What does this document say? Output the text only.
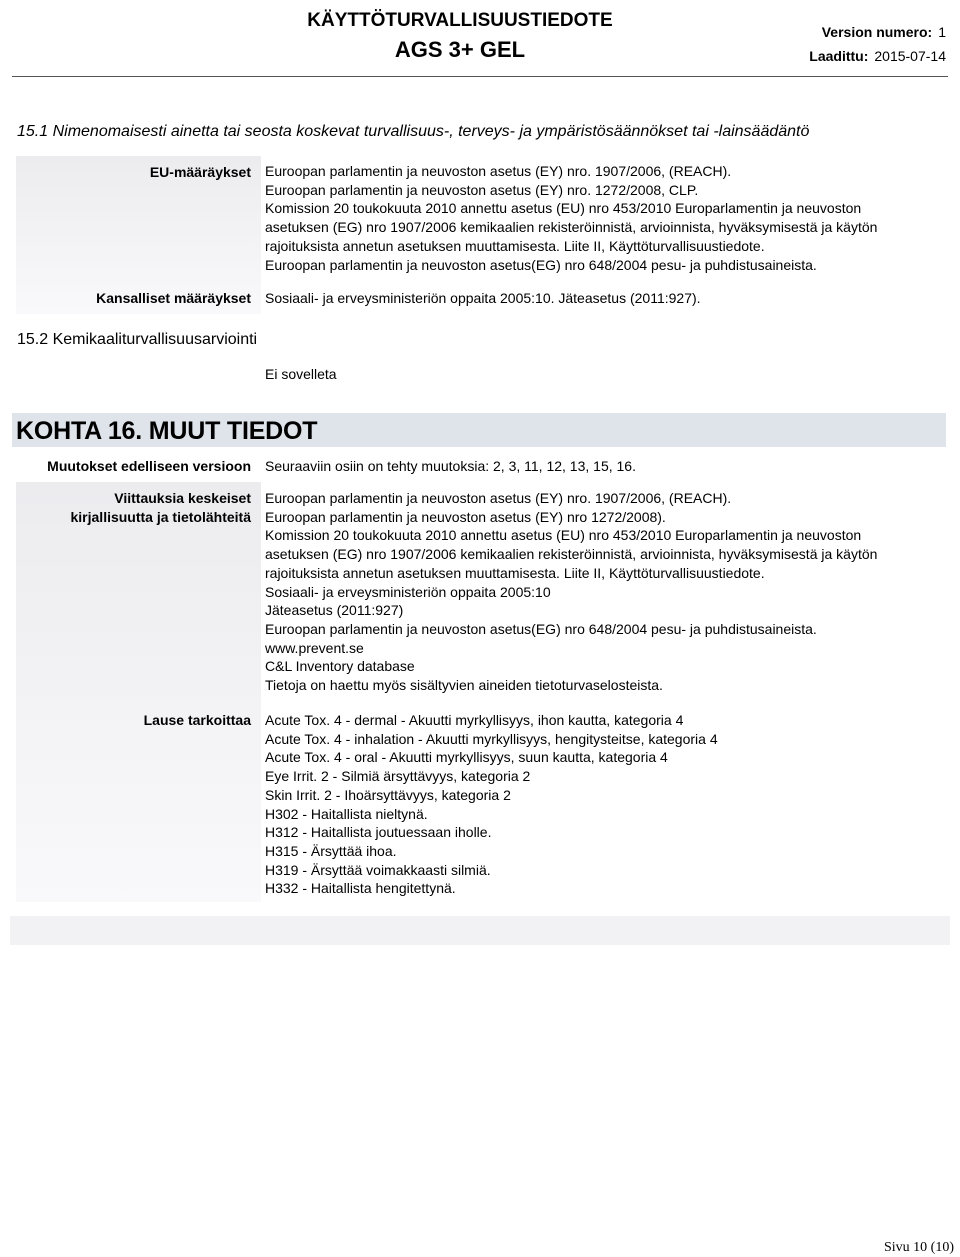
KÄYTTÖTURVALLISUUSTIEDOTE
AGS 3+ GEL
Version numero: 1
Laadittu: 2015-07-14
15.1 Nimenomaisesti ainetta tai seosta koskevat turvallisuus-, terveys- ja ympäristösäännökset tai -lainsäädäntö
EU-määräykset Euroopan parlamentin ja neuvoston asetus (EY) nro. 1907/2006, (REACH).
Euroopan parlamentin ja neuvoston asetus (EY) nro. 1272/2008, CLP.
Komission 20 toukokuuta 2010 annettu asetus (EU) nro 453/2010 Europarlamentin ja neuvoston
asetuksen (EG) nro 1907/2006 kemikaalien rekisteröinnistä, arvioinnista, hyväksymisestä ja käytön
rajoituksista annetun asetuksen muuttamisesta. Liite II, Käyttöturvallisuustiedote.
Euroopan parlamentin ja neuvoston asetus(EG) nro 648/2004 pesu- ja puhdistusaineista.
Kansalliset määräykset Sosiaali- ja erveysministeriön oppaita 2005:10. Jäteasetus (2011:927).
15.2 Kemikaaliturvallisuusarviointi
Ei sovelleta
KOHTA 16. MUUT TIEDOT
Muutokset edelliseen versioon Seuraaviin osiin on tehty muutoksia: 2, 3, 11, 12, 13, 15, 16.
Viittauksia keskeiset
kirjallisuutta ja tietolähteitä
Euroopan parlamentin ja neuvoston asetus (EY) nro. 1907/2006, (REACH).
Euroopan parlamentin ja neuvoston asetus (EY) nro 1272/2008).
Komission 20 toukokuuta 2010 annettu asetus (EU) nro 453/2010 Europarlamentin ja neuvoston
asetuksen (EG) nro 1907/2006 kemikaalien rekisteröinnistä, arvioinnista, hyväksymisestä ja käytön
rajoituksista annetun asetuksen muuttamisesta. Liite II, Käyttöturvallisuustiedote.
Sosiaali- ja erveysministeriön oppaita 2005:10
Jäteasetus (2011:927)
Euroopan parlamentin ja neuvoston asetus(EG) nro 648/2004 pesu- ja puhdistusaineista.
www.prevent.se
C&L Inventory database
Tietoja on haettu myös sisältyvien aineiden tietoturvaselosteista.
Lause tarkoittaa Acute Tox. 4 - dermal - Akuutti myrkyllisyys, ihon kautta, kategoria 4
Acute Tox. 4 - inhalation - Akuutti myrkyllisyys, hengitysteitse, kategoria 4
Acute Tox. 4 - oral - Akuutti myrkyllisyys, suun kautta, kategoria 4
Eye Irrit. 2 - Silmiä ärsyttävyys, kategoria 2
Skin Irrit. 2 - Ihoärsyttävyys, kategoria 2
H302 - Haitallista nieltynä.
H312 - Haitallista joutuessaan iholle.
H315 - Ärsyttää ihoa.
H319 - Ärsyttää voimakkaasti silmiä.
H332 - Haitallista hengitettynä.
Sivu 10 (10)
